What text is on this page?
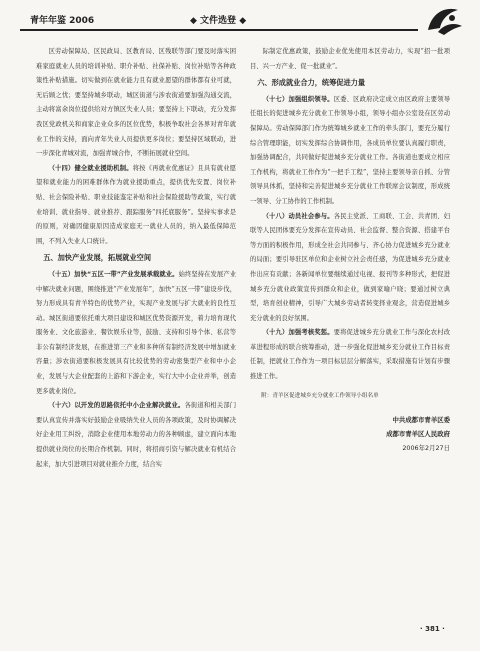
青年年鉴 2006	◆ 文件选登 ◆

区劳动保障局、区民政局、区教育局、区残联等部门要及时落实困难家庭就业人员的培训补贴、职介补贴、社保补贴、岗位补贴等各种政策性补贴措施。切实做到在就业能力且有就业愿望的群体都有业可就，无后顾之忧；要坚持城乡联动，城区街道与涉农街道要加强沟通交流，主动将富余岗位提供给对方镇区失业人员；要坚持上下联动，充分发挥我区党政机关和商家企业众多的区位优势，积极争取社会各界对青年就业工作的支持，面向青年失业人员提供更多岗位；要坚持区域联动，进一步深化青城对流，加强青城合作，不断拓展就业空间。

（十四）健全就业援助机制。将按《再就业优惠证》且具有就业愿望和就业能力的困难群体作为就业援助重点，提供优先安置、岗位补贴、社会保险补贴、职业技能鉴定补贴和社会保险援助等政策，实行就业培训、就业指导、就业推荐、跟踪服务“四托底服务”。坚持实事求是的原则，对确因健康原因造成家庭无一就业人员的，纳入最低保障范围，不列入失业人口统计。

五、加快产业发展，拓展就业空间

（十五）加快“五区一带”产业发展承载就业。始终坚持在发展产业中解决就业问题，围绕推进“产业发展年”，加快“五区一带”建设步伐，努力形成具有青羊特色的优势产业，实现产业发展与扩大就业的良性互动。城区街道要依托重大项目建设和城区优势资源开发，着力培育现代服务业、文化旅游业、餐饮娱乐业等，鼓励、支持和引导个体、私营等非公有制经济发展，在推进第三产业和多种所有制经济发展中增加就业容量；涉农街道要积极发展具有比较优势的劳动密集型产业和中小企业，发展与大企业配套的上游和下游企业，实行大中小企业并举，创造更多就业岗位。

（十六）以开发的思路依托中小企业解决就业。各街道和相关部门要认真宣传并落实好鼓励企业吸纳失业人员的各项政策，及时协调解决好企业用工纠纷，消除企业使用本地劳动力的各种顾虑，建立面向本地提供就业岗位的长期合作机制。同时，将招商引资与解决就业有机结合起来，加大引进项目对就业推介力度，结合实

际制定优惠政策，鼓励企业优先使用本区劳动力，实现“招一批项目、兴一方产业、促一批就业”。

六、形成就业合力，统筹促进力量

（十七）加强组织领导。区委、区政府决定成立由区政府主要领导任组长的促进城乡充分就业工作领导小组，领导小组办公室设在区劳动保障局。劳动保障部门作为统筹城乡就业工作的牵头部门，要充分履行综合管理职能，切实发挥综合协调作用，各成员单位要认真履行职责，加强协调配合，共同做好促进城乡充分就业工作。各街道也要成立相应工作机构，将就业工作作为“一把手工程”，坚持主要领导亲自抓、分管领导具体抓，坚持和完善促进城乡充分就业工作联席会议制度，形成统一领导、分工协作的工作机制。

（十八）动员社会参与。各民主党派、工商联、工会、共青团、妇联等人民团体要充分发挥在宣传动员、社会监督、整合资源、搭建平台等方面的积极作用，形成全社会共同参与、齐心协力促进城乡充分就业的局面；要引导驻区单位和企业树立社会责任感，为促进城乡充分就业作出应有贡献；各新闻单位要继续通过电视、报刊等多种形式，把促进城乡充分就业政策宣传到群众和企业，做到家喻户晓；要通过树立典型，培育创业精神，引导广大城乡劳动者转变择业观念，营造促进城乡充分就业的良好氛围。

（十九）加强考核奖惩。要将促进城乡充分就业工作与深化农村改革进程形成的联合统筹推动，进一步强化促进城乡充分就业工作目标责任制，把就业工作作为一项目标层层分解落实，采取措施有计划有步骤推进工作。

附：青羊区促进城乡充分就业工作领导小组名单

中共成都市青羊区委
成都市青羊区人民政府
2006年2月27日
· 381 ·
